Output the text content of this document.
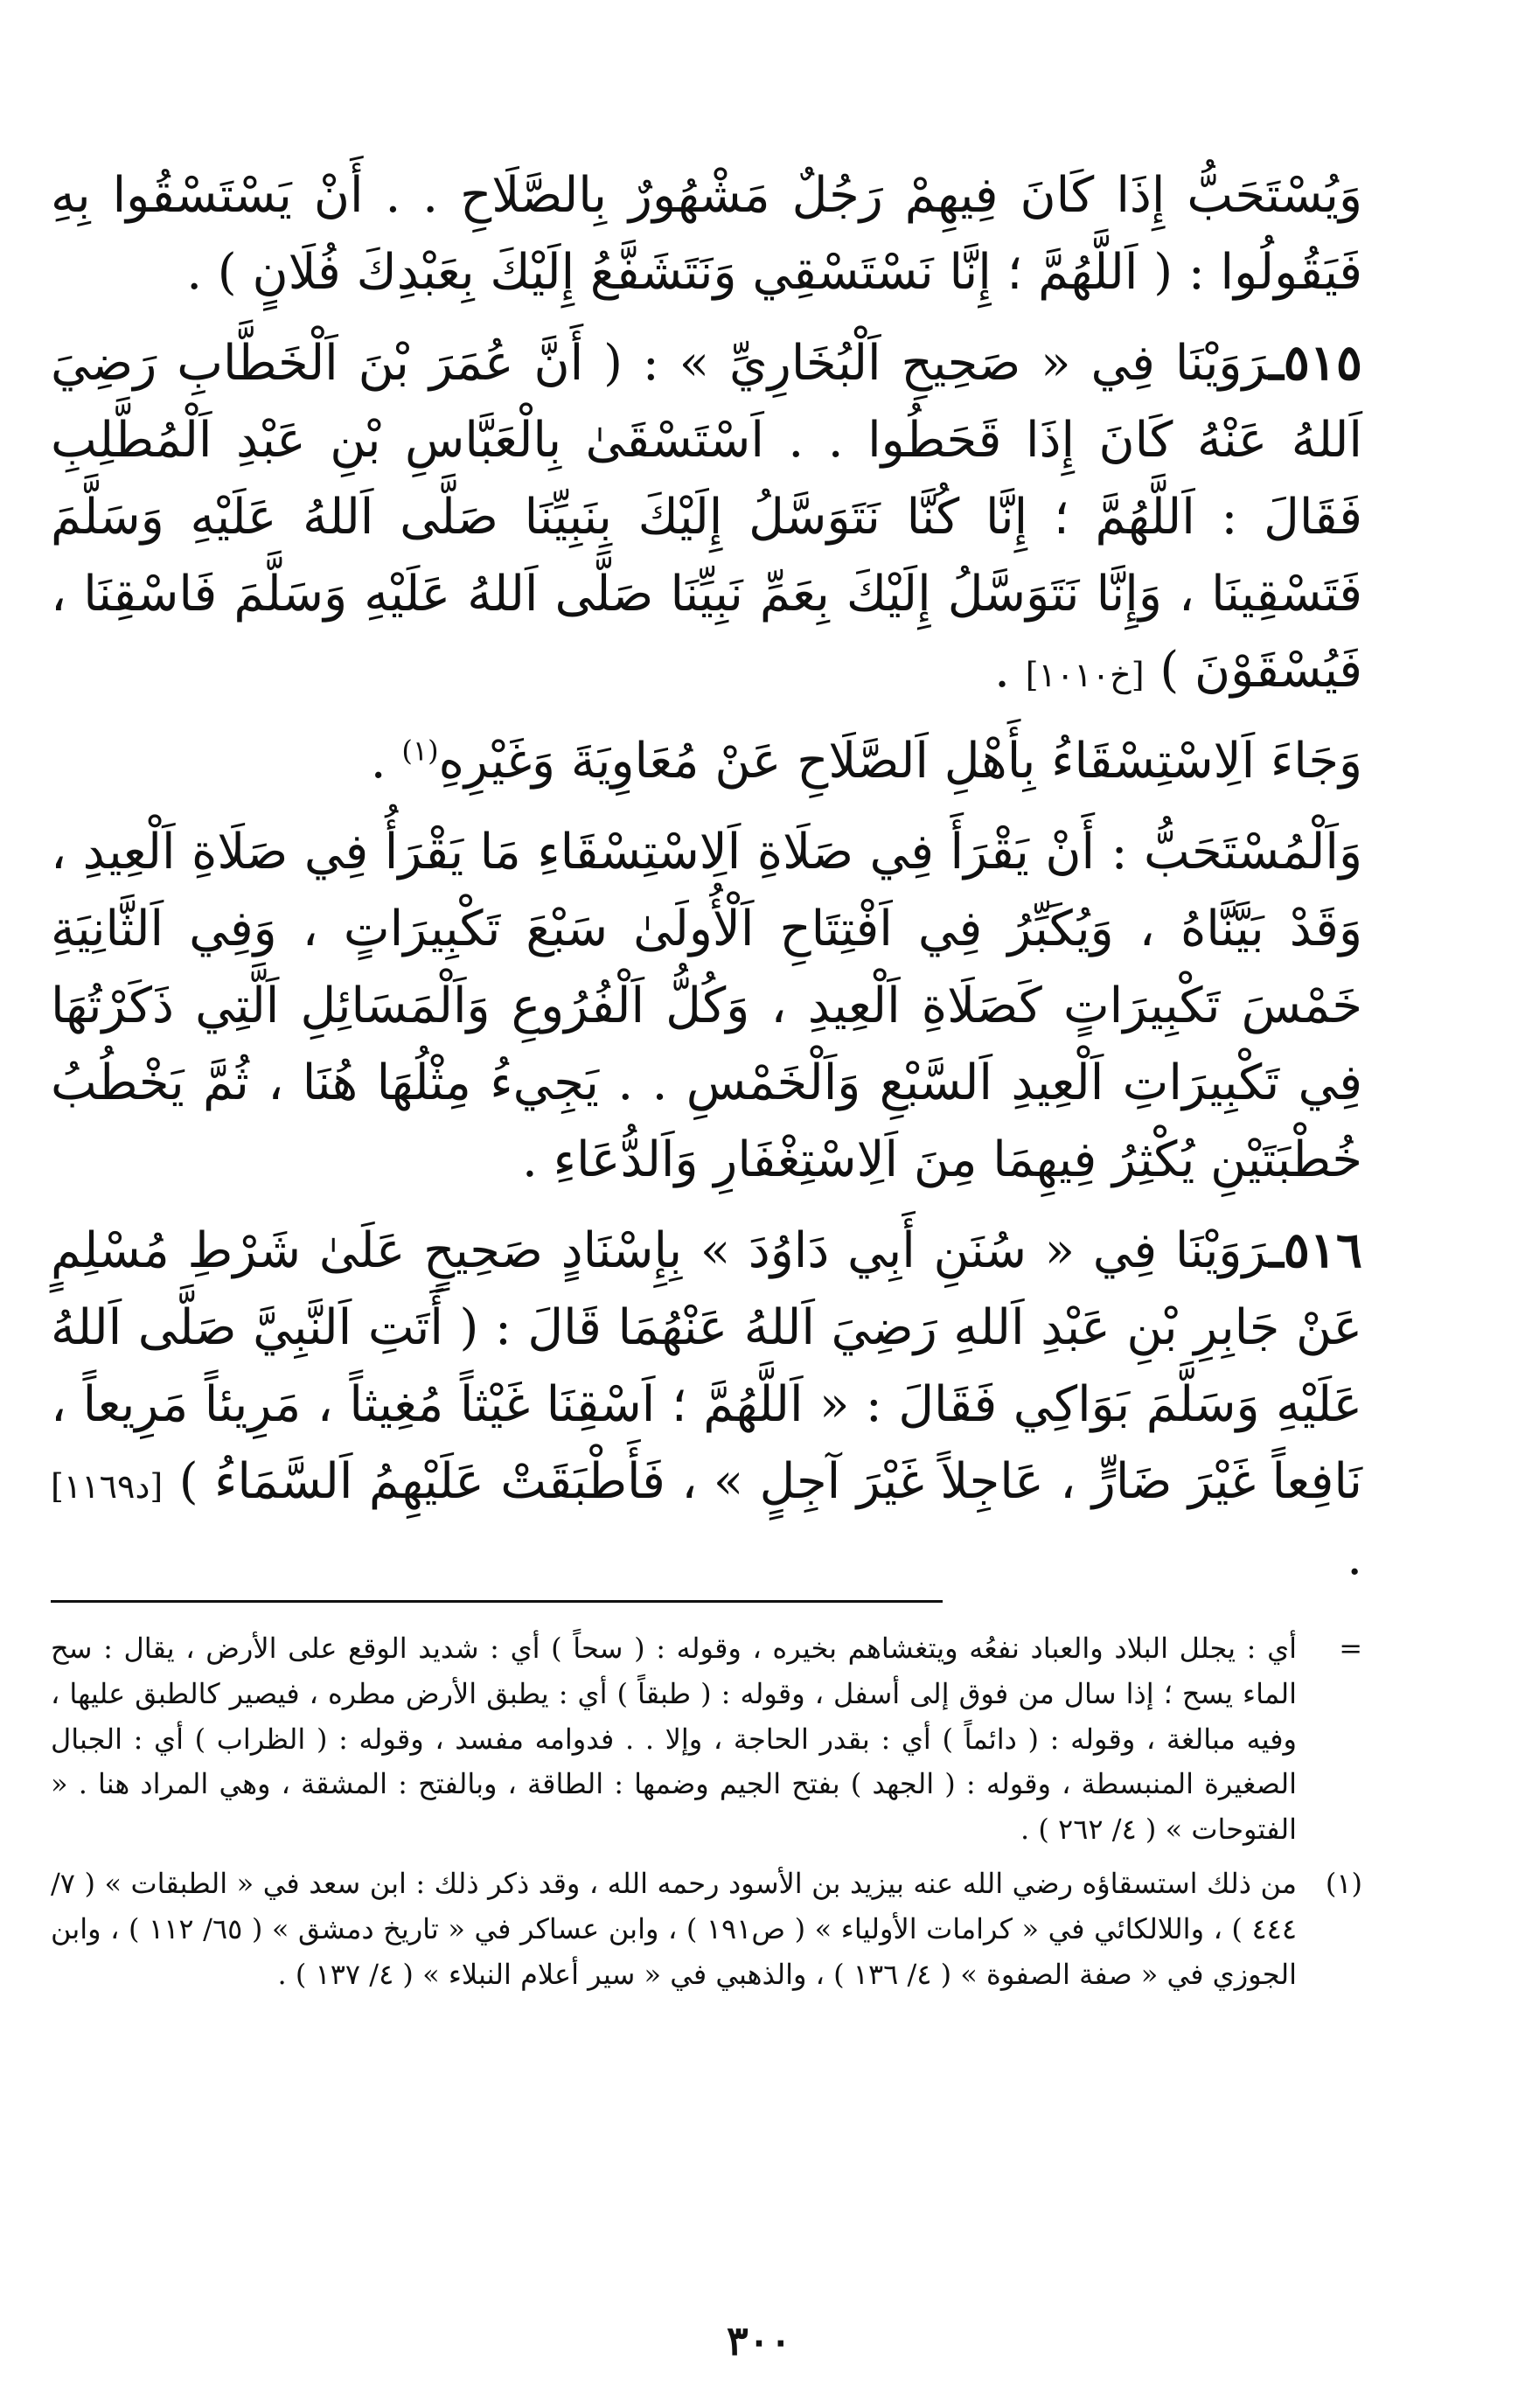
وَيُسْتَحَبُّ إِذَا كَانَ فِيهِمْ رَجُلٌ مَشْهُورٌ بِالصَّلَاحِ . . أَنْ يَسْتَسْقُوا بِهِ فَيَقُولُوا : ( اَللَّهُمَّ ؛ إِنَّا نَسْتَسْقِي وَنَتَشَفَّعُ إِلَيْكَ بِعَبْدِكَ فُلَانٍ ) .

٥١٥ـرَوَيْنَا فِي « صَحِيحِ اَلْبُخَارِيِّ » : ( أَنَّ عُمَرَ بْنَ اَلْخَطَّابِ رَضِيَ اَللهُ عَنْهُ كَانَ إِذَا قَحَطُوا . . اَسْتَسْقَىٰ بِالْعَبَّاسِ بْنِ عَبْدِ اَلْمُطَّلِبِ فَقَالَ : اَللَّهُمَّ ؛ إِنَّا كُنَّا نَتَوَسَّلُ إِلَيْكَ بِنَبِيِّنَا صَلَّى اَللهُ عَلَيْهِ وَسَلَّمَ فَتَسْقِينَا ، وَإِنَّا نَتَوَسَّلُ إِلَيْكَ بِعَمِّ نَبِيِّنَا صَلَّى اَللهُ عَلَيْهِ وَسَلَّمَ فَاسْقِنَا ، فَيُسْقَوْنَ ) [خ١٠١٠] .

وَجَاءَ اَلِاسْتِسْقَاءُ بِأَهْلِ اَلصَّلَاحِ عَنْ مُعَاوِيَةَ وَغَيْرِهِ$^{(١)}$ .

وَاَلْمُسْتَحَبُّ : أَنْ يَقْرَأَ فِي صَلَاةِ اَلِاسْتِسْقَاءِ مَا يَقْرَأُ فِي صَلَاةِ اَلْعِيدِ ، وَقَدْ بَيَّنَّاهُ ، وَيُكَبِّرُ فِي اَفْتِتَاحِ اَلْأُولَىٰ سَبْعَ تَكْبِيرَاتٍ ، وَفِي اَلثَّانِيَةِ خَمْسَ تَكْبِيرَاتٍ كَصَلَاةِ اَلْعِيدِ ، وَكُلُّ اَلْفُرُوعِ وَاَلْمَسَائِلِ اَلَّتِي ذَكَرْتُهَا فِي تَكْبِيرَاتِ اَلْعِيدِ اَلسَّبْعِ وَاَلْخَمْسِ . . يَجِيءُ مِثْلُهَا هُنَا ، ثُمَّ يَخْطُبُ خُطْبَتَيْنِ يُكْثِرُ فِيهِمَا مِنَ اَلِاسْتِغْفَارِ وَاَلدُّعَاءِ .

٥١٦ـرَوَيْنَا فِي « سُنَنِ أَبِي دَاوُدَ » بِإِسْنَادٍ صَحِيحٍ عَلَىٰ شَرْطِ مُسْلِمٍ عَنْ جَابِرِ بْنِ عَبْدِ اَللهِ رَضِيَ اَللهُ عَنْهُمَا قَالَ : ( أَتَتِ اَلنَّبِيَّ صَلَّى اَللهُ عَلَيْهِ وَسَلَّمَ بَوَاكِي فَقَالَ : « اَللَّهُمَّ ؛ اَسْقِنَا غَيْثاً مُغِيثاً ، مَرِيئاً مَرِيعاً ، نَافِعاً غَيْرَ ضَارٍّ ، عَاجِلاً غَيْرَ آجِلٍ » ، فَأَطْبَقَتْ عَلَيْهِمُ اَلسَّمَاءُ ) [د١١٦٩] .

=
أي : يجلل البلاد والعباد نفعُه ويتغشاهم بخيره ، وقوله : ( سحاً ) أي : شديد الوقع على الأرض ، يقال : سح الماء يسح ؛ إذا سال من فوق إلى أسفل ، وقوله : ( طبقاً ) أي : يطبق الأرض مطره ، فيصير كالطبق عليها ، وفيه مبالغة ، وقوله : ( دائماً ) أي : بقدر الحاجة ، وإلا . . فدوامه مفسد ، وقوله : ( الظراب ) أي : الجبال الصغيرة المنبسطة ، وقوله : ( الجهد ) بفتح الجيم وضمها : الطاقة ، وبالفتح : المشقة ، وهي المراد هنا . « الفتوحات » ( ٤/ ٢٦٢ ) .
(١)
من ذلك استسقاؤه رضي الله عنه بيزيد بن الأسود رحمه الله ، وقد ذكر ذلك : ابن سعد في « الطبقات » ( ٧/ ٤٤٤ ) ، واللالكائي في « كرامات الأولياء » ( ص١٩١ ) ، وابن عساكر في « تاريخ دمشق » ( ٦٥/ ١١٢ ) ، وابن الجوزي في « صفة الصفوة » ( ٤/ ١٣٦ ) ، والذهبي في « سير أعلام النبلاء » ( ٤/ ١٣٧ ) .
٣٠٠
